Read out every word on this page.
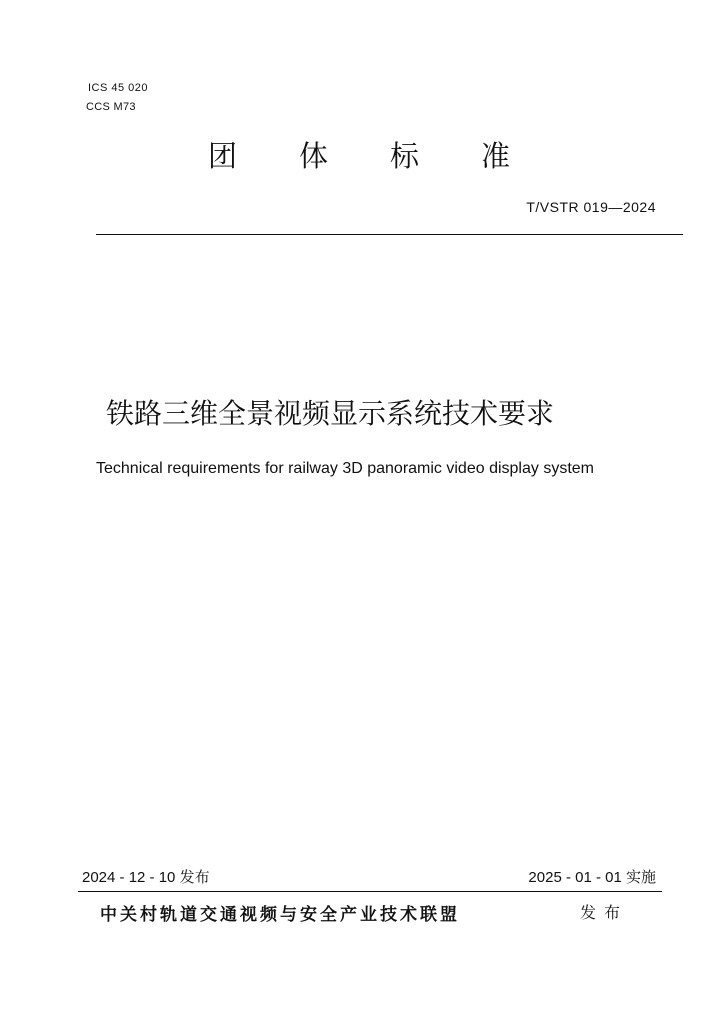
ICS 45 020
CCS M73
团体标准
T/VSTR 019—2024
铁路三维全景视频显示系统技术要求
Technical requirements for railway 3D panoramic video display system
2024 - 12 - 10 发布	2025 - 01 - 01 实施
中关村轨道交通视频与安全产业技术联盟	发布
